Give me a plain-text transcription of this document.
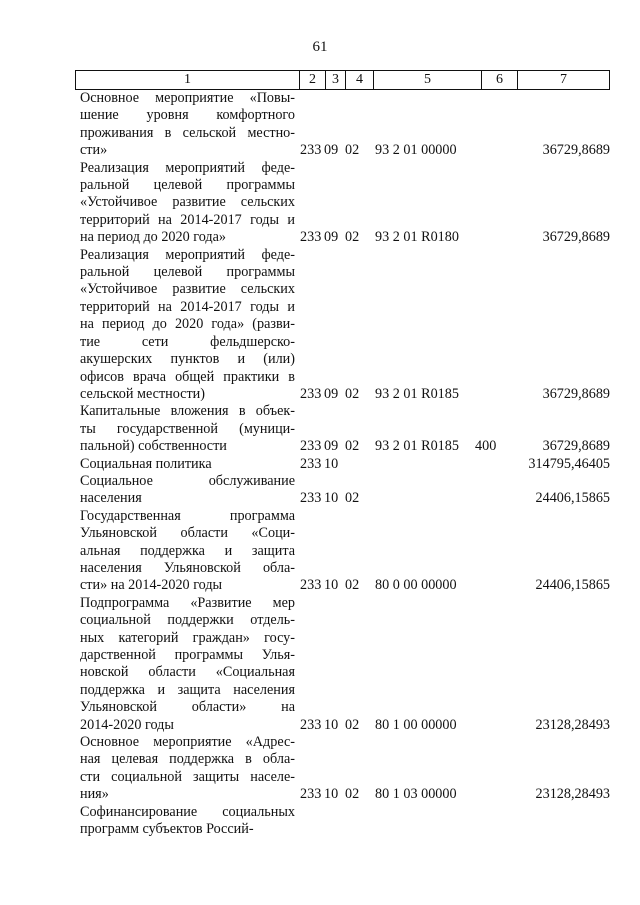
61
1	2	3	4	5	6	7
Основное мероприятие «Повы-
шение уровня комфортного
проживания в сельской местно-
сти»	233 09 02	93 2 01 00000	36729,8689
Реализация мероприятий феде-
ральной целевой программы
«Устойчивое развитие сельских
территорий на 2014-2017 годы и
на период до 2020 года»	233 09 02	93 2 01 R0180	36729,8689
Реализация мероприятий феде-
ральной целевой программы
«Устойчивое развитие сельских
территорий на 2014-2017 годы и
на период до 2020 года» (разви-
тие сети фельдшерско-
акушерских пунктов и (или)
офисов врача общей практики в
сельской местности)	233 09 02	93 2 01 R0185	36729,8689
Капитальные вложения в объек-
ты государственной (муници-
пальной) собственности	233 09 02	93 2 01 R0185	400	36729,8689
Социальная политика	233 10	314795,46405
Социальное обслуживание
населения	233 10 02	24406,15865
Государственная программа
Ульяновской области «Соци-
альная поддержка и защита
населения Ульяновской обла-
сти» на 2014-2020 годы	233 10 02	80 0 00 00000	24406,15865
Подпрограмма «Развитие мер
социальной поддержки отдель-
ных категорий граждан» госу-
дарственной программы Улья-
новской области «Социальная
поддержка и защита населения
Ульяновской области» на
2014-2020 годы	233 10 02	80 1 00 00000	23128,28493
Основное мероприятие «Адрес-
ная целевая поддержка в обла-
сти социальной защиты населе-
ния»	233 10 02	80 1 03 00000	23128,28493
Софинансирование социальных
программ субъектов Россий-
